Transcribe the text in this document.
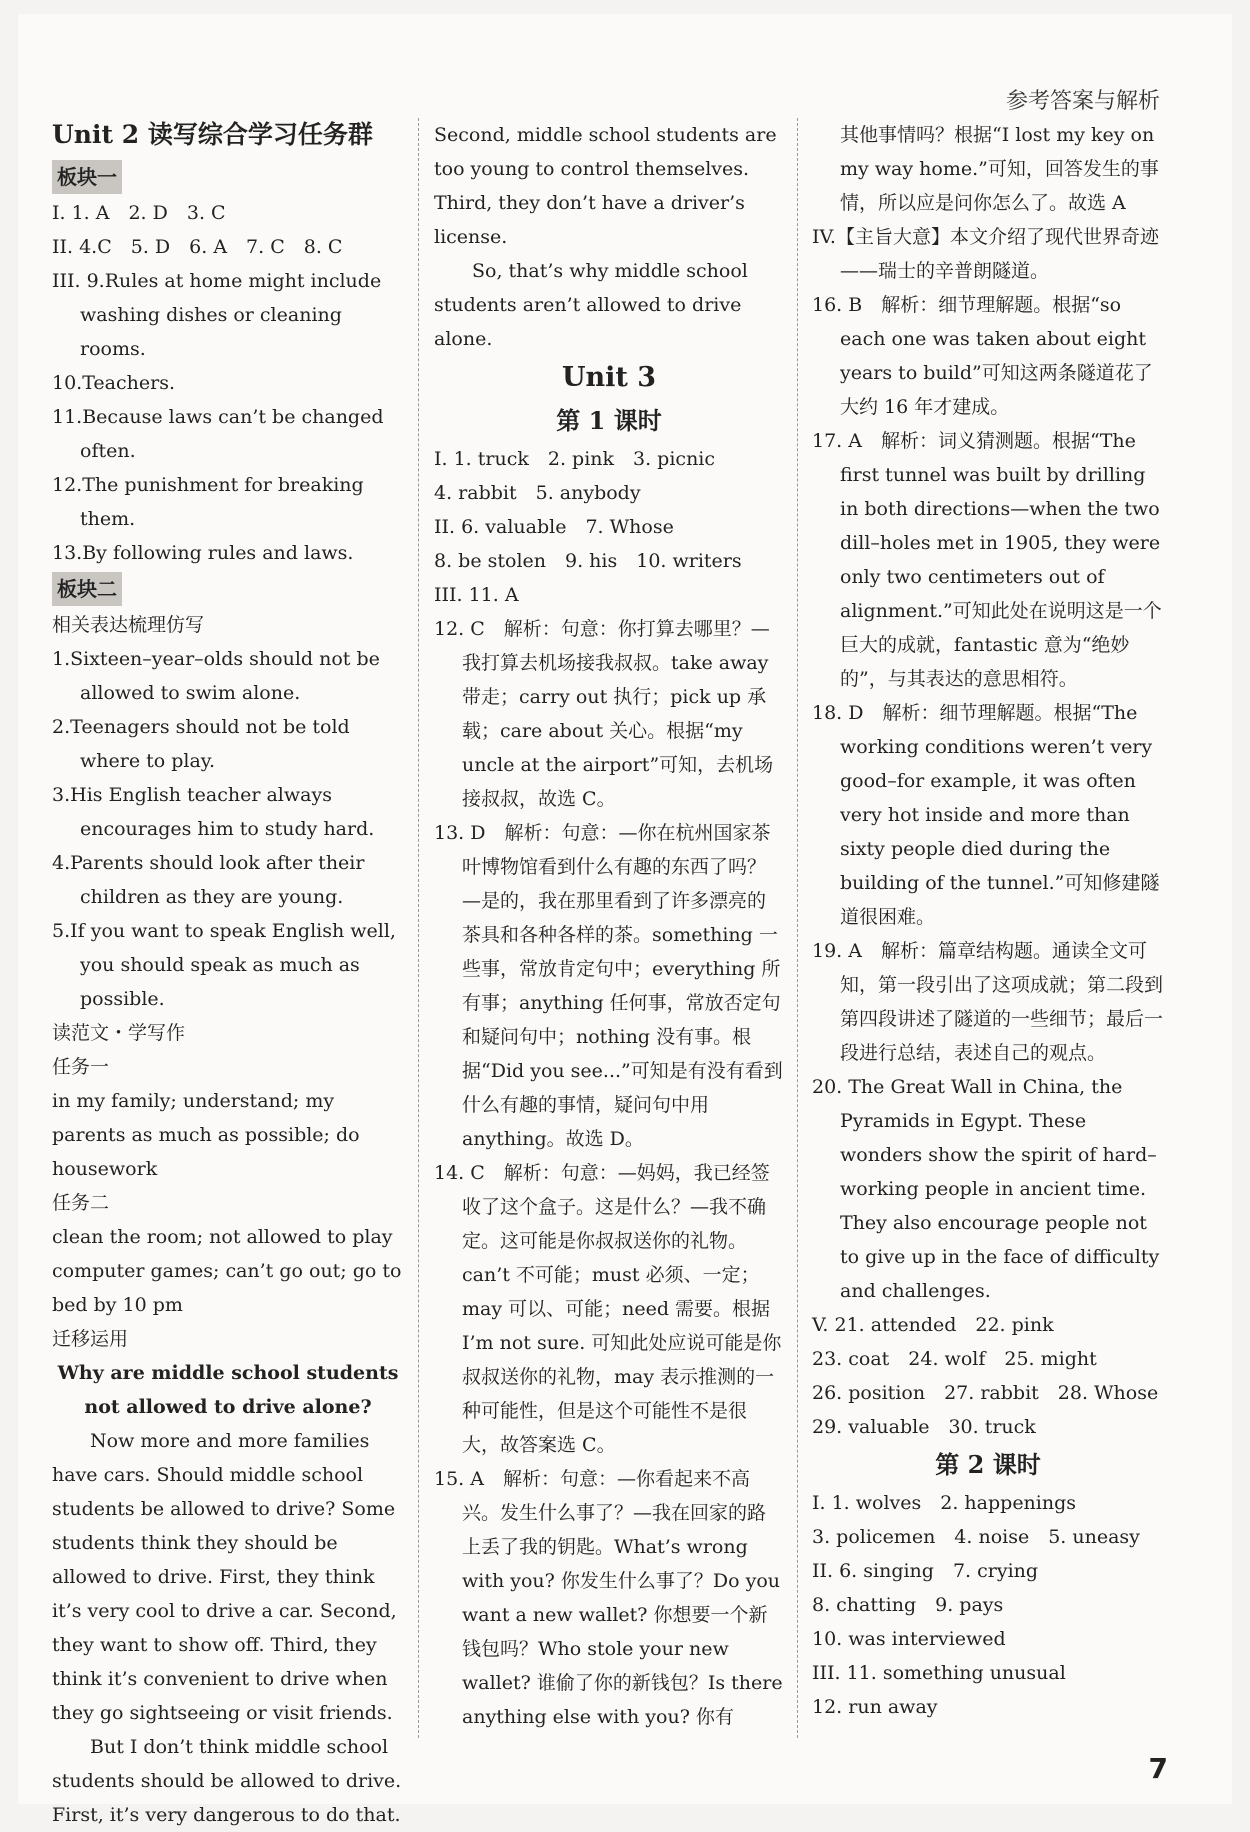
参考答案与解析

Unit 2 读写综合学习任务群

板块一

I. 1. A　2. D　3. C

II. 4.C　5. D　6. A　7. C　8. C

III. 9.Rules at home might include washing dishes or cleaning rooms.

10.Teachers.

11.Because laws can’t be changed often.

12.The punishment for breaking them.

13.By following rules and laws.

板块二

相关表达梳理仿写

1.Sixteen–year–olds should not be allowed to swim alone.

2.Teenagers should not be told where to play.

3.His English teacher always encourages him to study hard.

4.Parents should look after their children as they are young.

5.If you want to speak English well, you should speak as much as possible.

读范文・学写作

任务一

in my family; understand; my parents as much as possible; do housework

任务二

clean the room; not allowed to play computer games; can’t go out; go to bed by 10 pm

迁移运用

Why are middle school students not allowed to drive alone?

Now more and more families have cars. Should middle school students be allowed to drive? Some students think they should be allowed to drive. First, they think it’s very cool to drive a car. Second, they want to show off. Third, they think it’s convenient to drive when they go sightseeing or visit friends.

But I don’t think middle school students should be allowed to drive. First, it’s very dangerous to do that.

Second, middle school students are too young to control themselves. Third, they don’t have a driver’s license.

So, that’s why middle school students aren’t allowed to drive alone.

Unit 3

第 1 课时

I. 1. truck　2. pink　3. picnic

4. rabbit　5. anybody

II. 6. valuable　7. Whose

8. be stolen　9. his　10. writers

III. 11. A

12. C　解析：句意：你打算去哪里？—我打算去机场接我叔叔。take away 带走；carry out 执行；pick up 承载；care about 关心。根据“my uncle at the airport”可知，去机场接叔叔，故选 C。

13. D　解析：句意：—你在杭州国家茶叶博物馆看到什么有趣的东西了吗？—是的，我在那里看到了许多漂亮的茶具和各种各样的茶。something 一些事，常放肯定句中；everything 所有事；anything 任何事，常放否定句和疑问句中；nothing 没有事。根据“Did you see...”可知是有没有看到什么有趣的事情，疑问句中用 anything。故选 D。

14. C　解析：句意：—妈妈，我已经签收了这个盒子。这是什么？—我不确定。这可能是你叔叔送你的礼物。can’t 不可能；must 必须、一定；may 可以、可能；need 需要。根据 I’m not sure. 可知此处应说可能是你叔叔送你的礼物，may 表示推测的一种可能性，但是这个可能性不是很大，故答案选 C。

15. A　解析：句意：—你看起来不高兴。发生什么事了？—我在回家的路上丢了我的钥匙。What’s wrong with you? 你发生什么事了？Do you want a new wallet? 你想要一个新钱包吗？Who stole your new wallet? 谁偷了你的新钱包？Is there anything else with you? 你有

其他事情吗？根据“I lost my key on my way home.”可知，回答发生的事情，所以应是问你怎么了。故选 A

IV.【主旨大意】本文介绍了现代世界奇迹——瑞士的辛普朗隧道。

16. B　解析：细节理解题。根据“so each one was taken about eight years to build”可知这两条隧道花了大约 16 年才建成。

17. A　解析：词义猜测题。根据“The first tunnel was built by drilling in both directions—when the two dill–holes met in 1905, they were only two centimeters out of alignment.”可知此处在说明这是一个巨大的成就，fantastic 意为“绝妙的”，与其表达的意思相符。

18. D　解析：细节理解题。根据“The working conditions weren’t very good–for example, it was often very hot inside and more than sixty people died during the building of the tunnel.”可知修建隧道很困难。

19. A　解析：篇章结构题。通读全文可知，第一段引出了这项成就；第二段到第四段讲述了隧道的一些细节；最后一段进行总结，表述自己的观点。

20. The Great Wall in China, the Pyramids in Egypt. These wonders show the spirit of hard–working people in ancient time. They also encourage people not to give up in the face of difficulty and challenges.

V. 21. attended　22. pink

23. coat　24. wolf　25. might

26. position　27. rabbit　28. Whose

29. valuable　30. truck

第 2 课时

I. 1. wolves　2. happenings

3. policemen　4. noise　5. uneasy

II. 6. singing　7. crying

8. chatting　9. pays

10. was interviewed

III. 11. something unusual

12. run away

7
